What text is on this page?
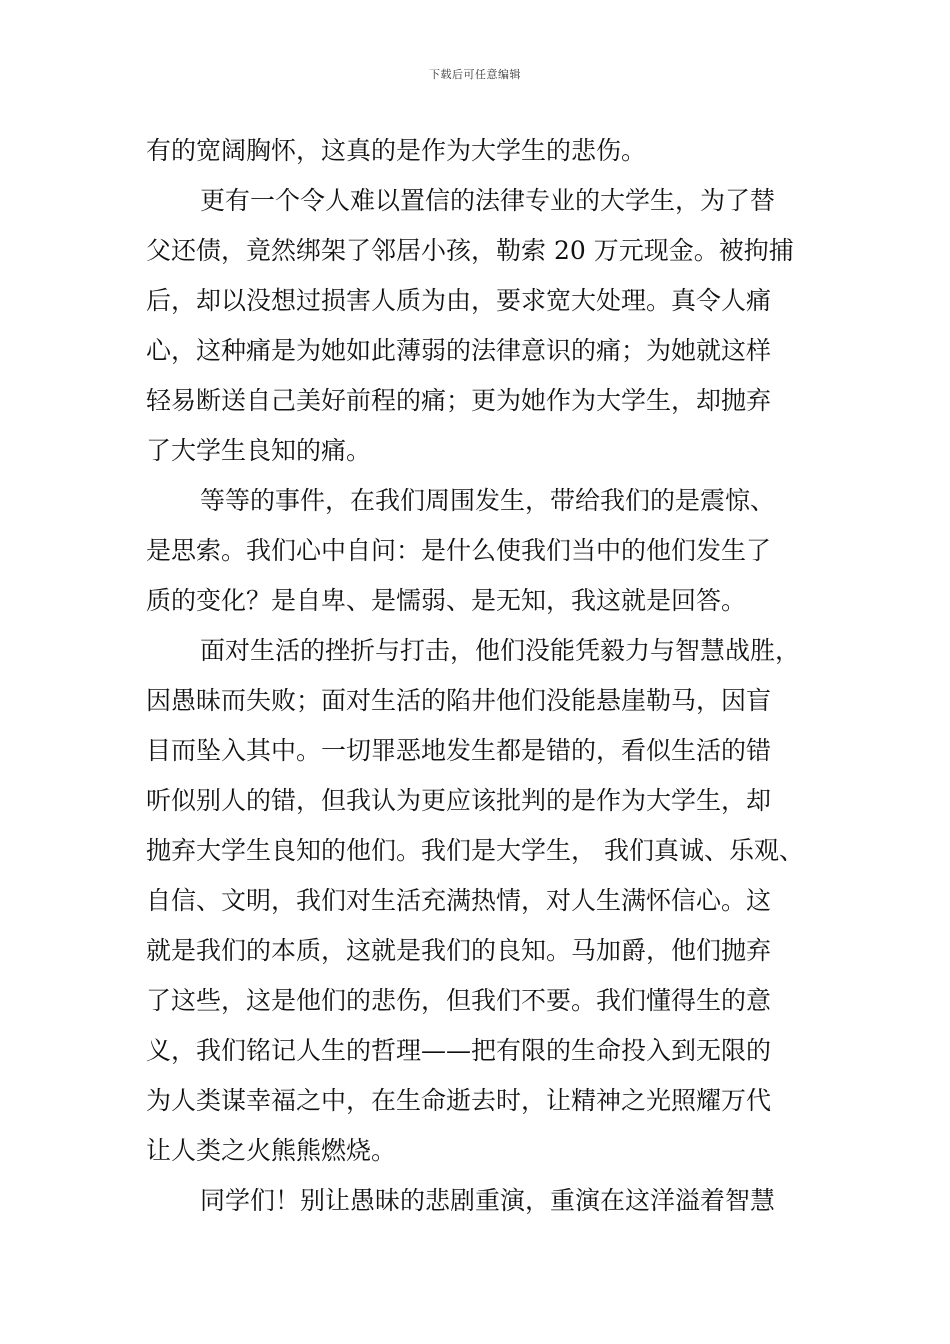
下载后可任意编辑
有的宽阔胸怀，这真的是作为大学生的悲伤。
更有一个令人难以置信的法律专业的大学生，为了替
父还债，竟然绑架了邻居小孩，勒索 20 万元现金。被拘捕
后，却以没想过损害人质为由，要求宽大处理。真令人痛
心，这种痛是为她如此薄弱的法律意识的痛；为她就这样
轻易断送自己美好前程的痛；更为她作为大学生，却抛弃
了大学生良知的痛。
等等的事件，在我们周围发生，带给我们的是震惊、
是思索。我们心中自问：是什么使我们当中的他们发生了
质的变化？是自卑、是懦弱、是无知，我这就是回答。
面对生活的挫折与打击，他们没能凭毅力与智慧战胜，
因愚昧而失败；面对生活的陷井他们没能悬崖勒马，因盲
目而坠入其中。一切罪恶地发生都是错的，看似生活的错
听似别人的错，但我认为更应该批判的是作为大学生，却
抛弃大学生良知的他们。我们是大学生， 我们真诚、乐观、
自信、文明，我们对生活充满热情，对人生满怀信心。这
就是我们的本质，这就是我们的良知。马加爵，他们抛弃
了这些，这是他们的悲伤，但我们不要。我们懂得生的意
义，我们铭记人生的哲理——把有限的生命投入到无限的
为人类谋幸福之中，在生命逝去时，让精神之光照耀万代
让人类之火熊熊燃烧。
同学们！别让愚昧的悲剧重演，重演在这洋溢着智慧
